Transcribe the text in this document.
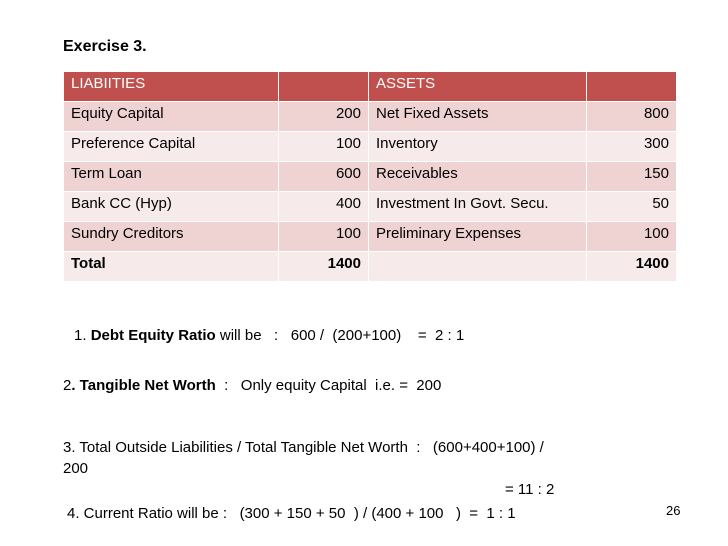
Exercise 3.
LIABIITIES		ASSETS	
Equity Capital	200	Net Fixed Assets	800
Preference Capital	100	Inventory	300
Term Loan	600	Receivables	150
Bank CC (Hyp)	400	Investment In Govt. Secu.	50
Sundry Creditors	100	Preliminary Expenses	100
Total	1400		1400
1. Debt Equity Ratio will be   :   600 /  (200+100)    =  2 : 1
2. Tangible Net Worth  :   Only equity Capital  i.e. =  200
3. Total Outside Liabilities / Total Tangible Net Worth  :   (600+400+100) /
200
= 11 : 2
4. Current Ratio will be :   (300 + 150 + 50  ) / (400 + 100   )  =  1 : 1	26
